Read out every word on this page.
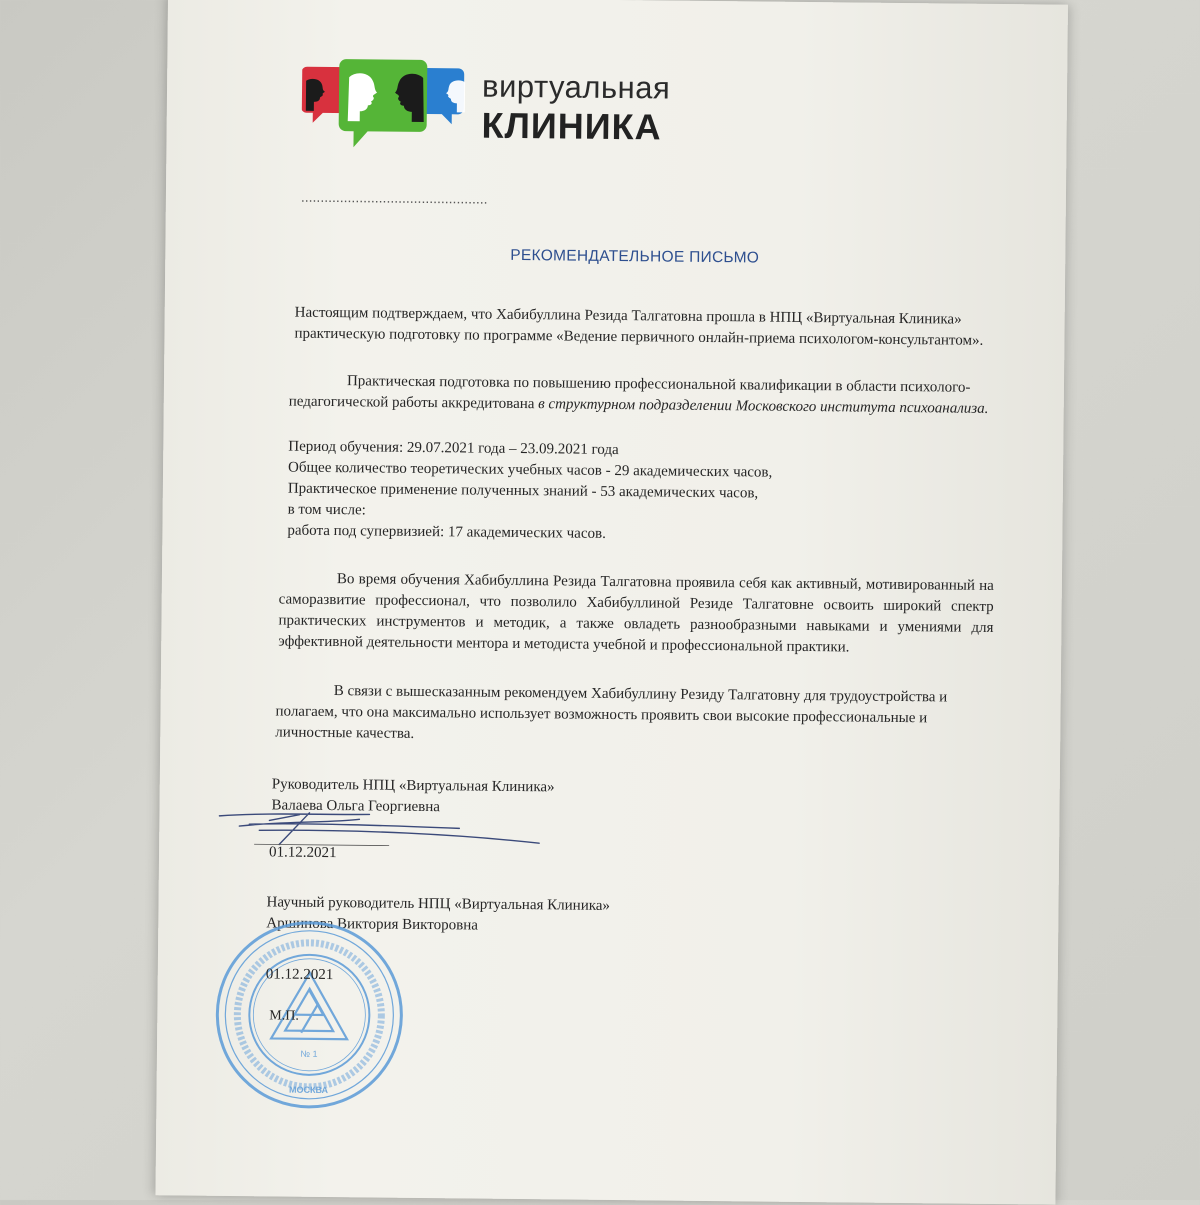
виртуальная
КЛИНИКА
................................................
РЕКОМЕНДАТЕЛЬНОЕ ПИСЬМО
Настоящим подтверждаем, что Хабибуллина Резида Талгатовна прошла в НПЦ «Виртуальная Клиника» практическую подготовку по программе «Ведение первичного онлайн-приема психологом-консультантом».
Практическая подготовка по повышению профессиональной квалификации в области психолого-педагогической работы аккредитована в структурном подразделении Московского института психоанализа.
Период обучения: 29.07.2021 года – 23.09.2021 года
Общее количество теоретических учебных часов - 29 академических часов,
Практическое применение полученных знаний - 53 академических часов,
в том числе:
работа под супервизией: 17 академических часов.
Во время обучения Хабибуллина Резида Талгатовна проявила себя как активный, мотивированный на саморазвитие профессионал, что позволило Хабибуллиной Резиде Талгатовне освоить широкий спектр практических инструментов и методик, а также овладеть разнообразными навыками и умениями для эффективной деятельности ментора и методиста учебной и профессиональной практики.
В связи с вышесказанным рекомендуем Хабибуллину Резиду Талгатовну для трудоустройства и полагаем, что она максимально использует возможность проявить свои высокие профессиональные и личностные качества.
Руководитель НПЦ «Виртуальная Клиника»
Валаева Ольга Георгиевна
01.12.2021
Научный руководитель НПЦ «Виртуальная Клиника»
Аршинова Виктория Викторовна
№ 1
МОСКВА
01.12.2021
М.П.
